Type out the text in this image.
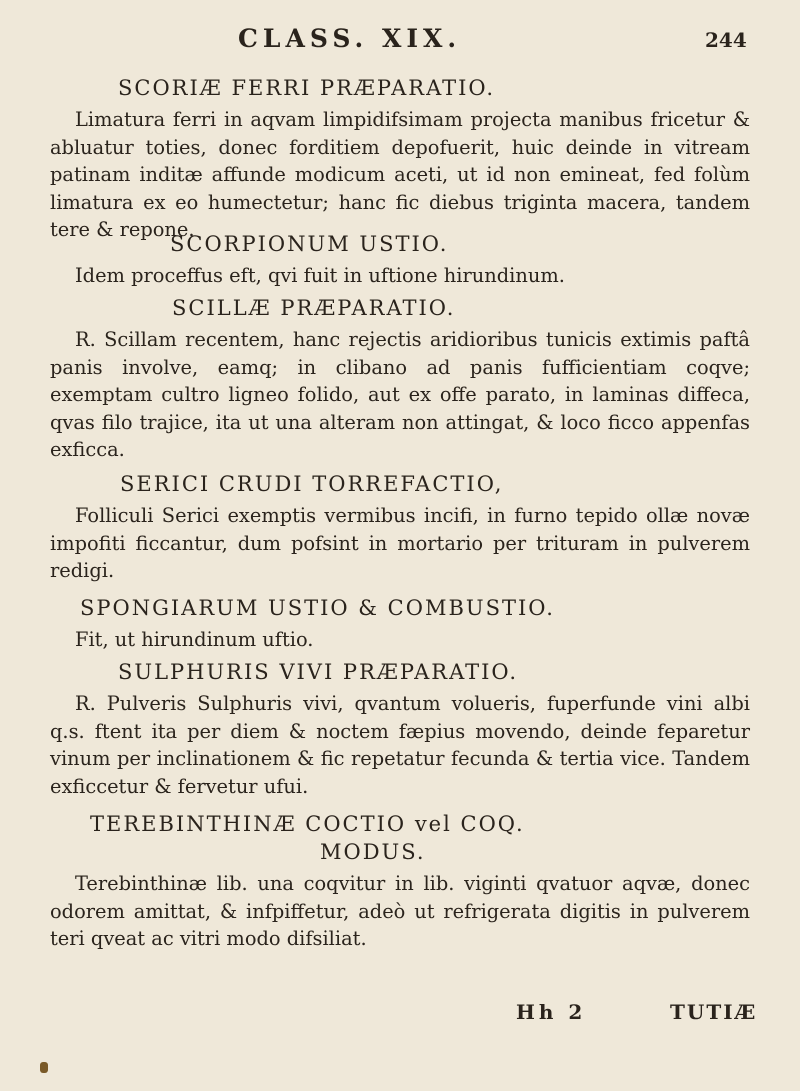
CLASS. XIX.	244
SCORIÆ FERRI PRÆPARATIO.
Limatura ferri in aqvam limpidifsimam projecta manibus fricetur & abluatur toties, donec forditiem depofuerit, huic deinde in vitream patinam inditæ affunde modicum aceti, ut id non emineat, fed folùm limatura ex eo humectetur; hanc fic diebus triginta macera, tandem tere & repone.
SCORPIONUM USTIO.
Idem proceffus eft, qvi fuit in uftione hirundinum.
SCILLÆ PRÆPARATIO.
R. Scillam recentem, hanc rejectis aridioribus tunicis extimis paftâ panis involve, eamq; in clibano ad panis fufficientiam coqve; exemptam cultro ligneo folido, aut ex offe parato, in laminas diffeca, qvas filo trajice, ita ut una alteram non attingat, & loco ficco appenfas exficca.
SERICI CRUDI TORREFACTIO,
Folliculi Serici exemptis vermibus incifi, in furno tepido ollæ novæ impofiti ficcantur, dum pofsint in mortario per trituram in pulverem redigi.
SPONGIARUM USTIO & COMBUSTIO.
Fit, ut hirundinum uftio.
SULPHURIS VIVI PRÆPARATIO.
R. Pulveris Sulphuris vivi, qvantum volueris, fuperfunde vini albi q.s. ftent ita per diem & noctem fæpius movendo, deinde feparetur vinum per inclinationem & fic repetatur fecunda & tertia vice. Tandem exficcetur & fervetur ufui.
TEREBINTHINÆ COCTIO vel COQ.
MODUS.
Terebinthinæ lib. una coqvitur in lib. viginti qvatuor aqvæ, donec odorem amittat, & infpiffetur, adeò ut refrigerata digitis in pulverem teri qveat ac vitri modo difsiliat.
Hh 2	TUTIÆ
